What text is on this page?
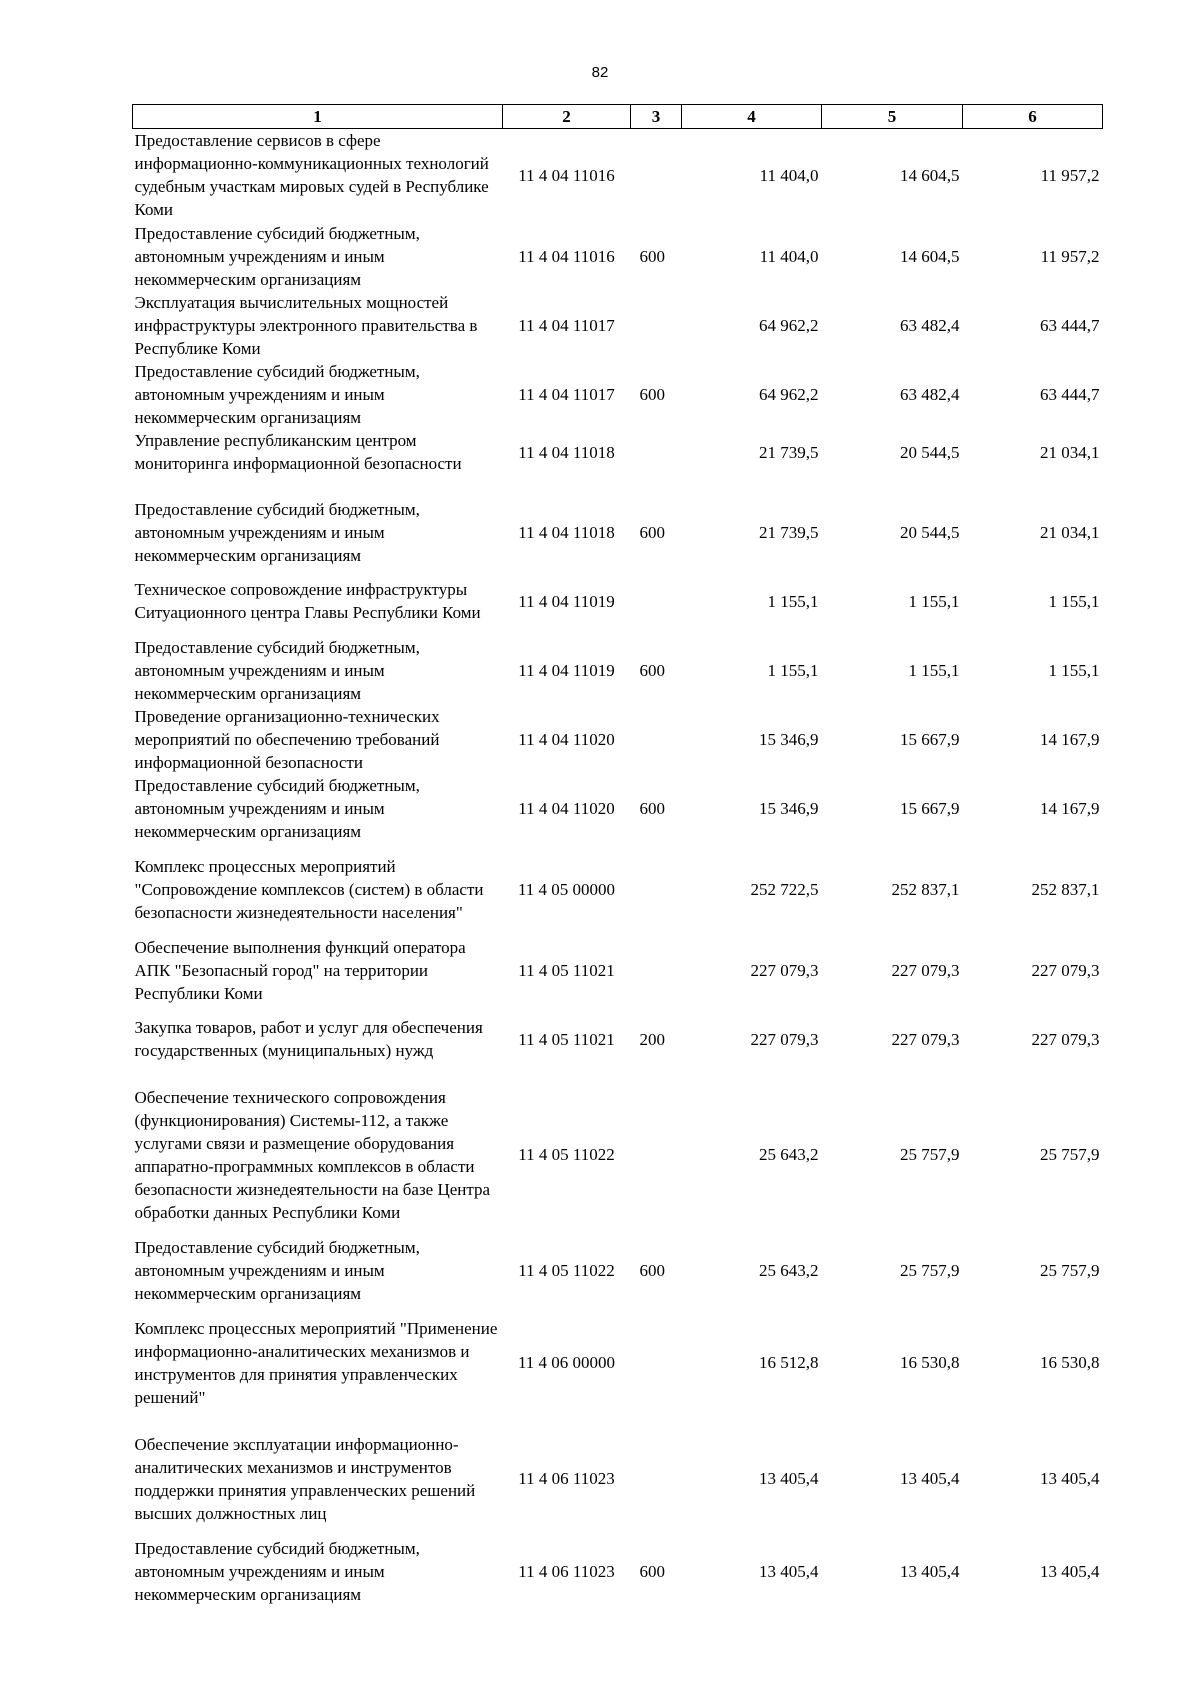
82
1	2	3	4	5	6
Предоставление сервисов в сфере информационно-коммуникационных технологий судебным участкам мировых судей в Республике Коми	11 4 04 11016		11 404,0	14 604,5	11 957,2
Предоставление субсидий бюджетным, автономным учреждениям и иным некоммерческим организациям	11 4 04 11016	600	11 404,0	14 604,5	11 957,2
Эксплуатация вычислительных мощностей инфраструктуры электронного правительства в Республике Коми	11 4 04 11017		64 962,2	63 482,4	63 444,7
Предоставление субсидий бюджетным, автономным учреждениям и иным некоммерческим организациям	11 4 04 11017	600	64 962,2	63 482,4	63 444,7
Управление республиканским центром мониторинга информационной безопасности	11 4 04 11018		21 739,5	20 544,5	21 034,1
Предоставление субсидий бюджетным, автономным учреждениям и иным некоммерческим организациям	11 4 04 11018	600	21 739,5	20 544,5	21 034,1
Техническое сопровождение инфраструктуры Ситуационного центра Главы Республики Коми	11 4 04 11019		1 155,1	1 155,1	1 155,1
Предоставление субсидий бюджетным, автономным учреждениям и иным некоммерческим организациям	11 4 04 11019	600	1 155,1	1 155,1	1 155,1
Проведение организационно-технических мероприятий по обеспечению требований информационной безопасности	11 4 04 11020		15 346,9	15 667,9	14 167,9
Предоставление субсидий бюджетным, автономным учреждениям и иным некоммерческим организациям	11 4 04 11020	600	15 346,9	15 667,9	14 167,9
Комплекс процессных мероприятий "Сопровождение комплексов (систем) в области безопасности жизнедеятельности населения"	11 4 05 00000		252 722,5	252 837,1	252 837,1
Обеспечение выполнения функций оператора АПК "Безопасный город" на территории Республики Коми	11 4 05 11021		227 079,3	227 079,3	227 079,3
Закупка товаров, работ и услуг для обеспечения государственных (муниципальных) нужд	11 4 05 11021	200	227 079,3	227 079,3	227 079,3
Обеспечение технического сопровождения (функционирования) Системы-112, а также услугами связи и размещение оборудования аппаратно-программных комплексов в области безопасности жизнедеятельности на базе Центра обработки данных Республики Коми	11 4 05 11022		25 643,2	25 757,9	25 757,9
Предоставление субсидий бюджетным, автономным учреждениям и иным некоммерческим организациям	11 4 05 11022	600	25 643,2	25 757,9	25 757,9
Комплекс процессных мероприятий "Применение информационно-аналитических механизмов и инструментов для принятия управленческих решений"	11 4 06 00000		16 512,8	16 530,8	16 530,8
Обеспечение эксплуатации информационно-аналитических механизмов и инструментов поддержки принятия управленческих решений высших должностных лиц	11 4 06 11023		13 405,4	13 405,4	13 405,4
Предоставление субсидий бюджетным, автономным учреждениям и иным некоммерческим организациям	11 4 06 11023	600	13 405,4	13 405,4	13 405,4
